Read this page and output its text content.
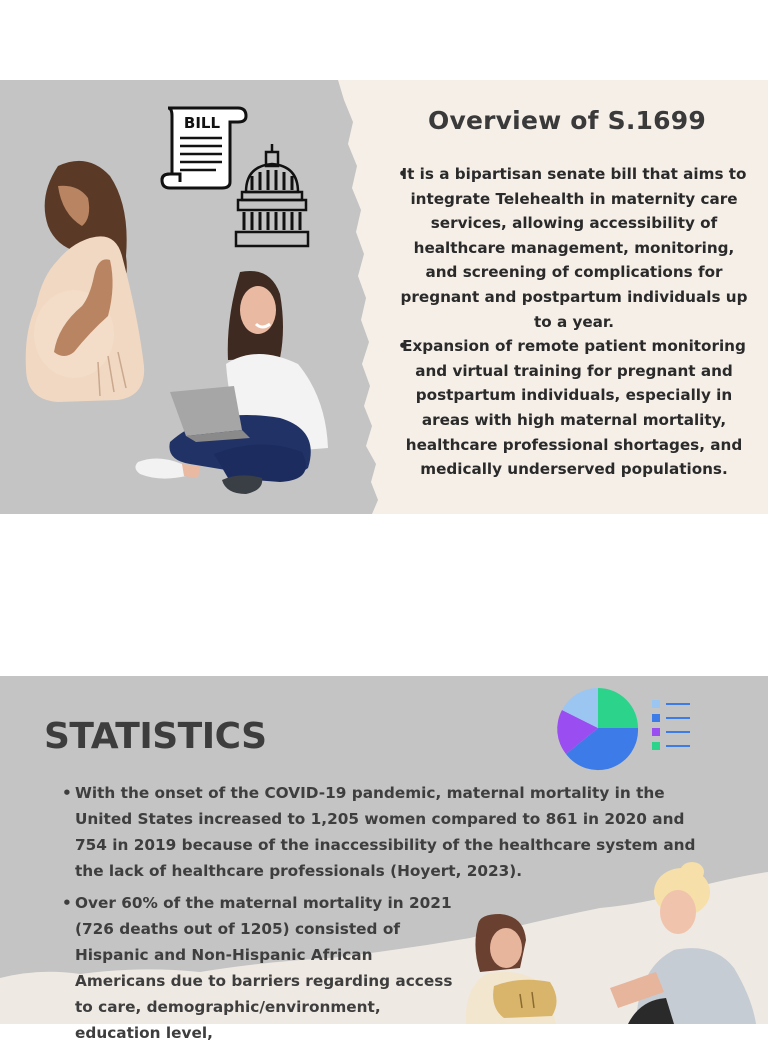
BILL	Overview of S.1699
• It is a bipartisan senate bill that aims to integrate Telehealth in maternity care services, allowing accessibility of healthcare management, monitoring, and screening of complications for pregnant and postpartum individuals up to a year.
• Expansion of remote patient monitoring and virtual training for pregnant and postpartum individuals, especially in areas with high maternal mortality, healthcare professional shortages, and medically underserved populations.
STATISTICS
• With the onset of the COVID-19 pandemic, maternal mortality in the United States increased to 1,205 women compared to 861 in 2020 and 754 in 2019 because of the inaccessibility of the healthcare system and the lack of healthcare professionals (Hoyert, 2023).
• Over 60% of the maternal mortality in 2021 (726 deaths out of 1205) consisted of Hispanic and Non-Hispanic African Americans due to barriers regarding access to care, demographic/environment, education level,
